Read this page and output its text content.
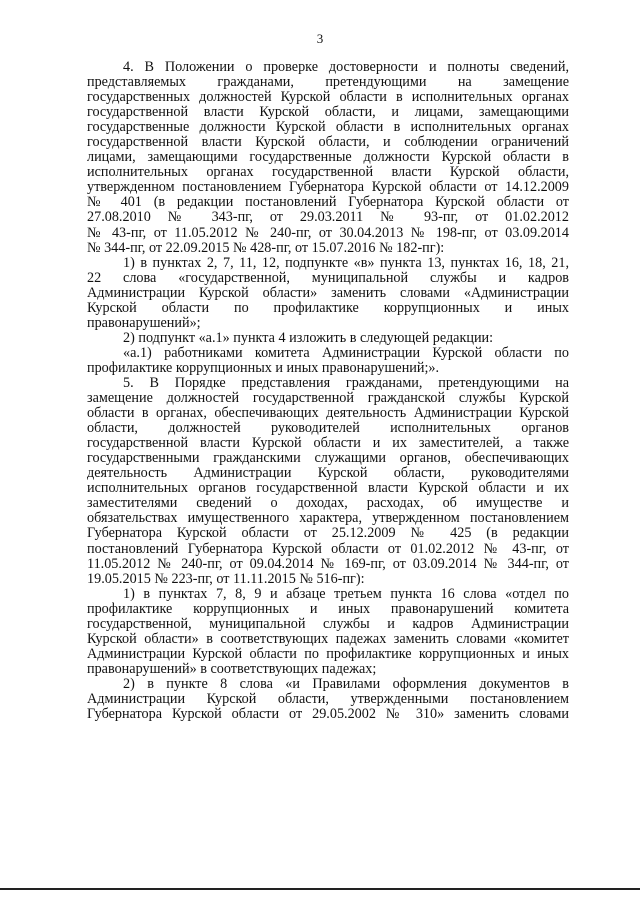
3
4. В Положении о проверке достоверности и полноты сведений,
представляемых гражданами, претендующими на замещение
государственных должностей Курской области в исполнительных органах
государственной власти Курской области, и лицами, замещающими
государственные должности Курской области в исполнительных органах
государственной власти Курской области, и соблюдении ограничений
лицами, замещающими государственные должности Курской области в
исполнительных органах государственной власти Курской области,
утвержденном постановлением Губернатора Курской области от 14.12.2009
№ 401 (в редакции постановлений Губернатора Курской области от
27.08.2010 № 343-пг, от 29.03.2011 № 93-пг, от 01.02.2012
№ 43-пг, от 11.05.2012 № 240-пг, от 30.04.2013 № 198-пг, от 03.09.2014
№ 344-пг, от 22.09.2015 № 428-пг, от 15.07.2016 № 182-пг):
1) в пунктах 2, 7, 11, 12, подпункте «в» пункта 13, пунктах 16, 18, 21,
22 слова «государственной, муниципальной службы и кадров
Администрации Курской области» заменить словами «Администрации
Курской области по профилактике коррупционных и иных
правонарушений»;
2) подпункт «а.1» пункта 4 изложить в следующей редакции:
«а.1) работниками комитета Администрации Курской области по
профилактике коррупционных и иных правонарушений;».
5. В Порядке представления гражданами, претендующими на
замещение должностей государственной гражданской службы Курской
области в органах, обеспечивающих деятельность Администрации Курской
области, должностей руководителей исполнительных органов
государственной власти Курской области и их заместителей, а также
государственными гражданскими служащими органов, обеспечивающих
деятельность Администрации Курской области, руководителями
исполнительных органов государственной власти Курской области и их
заместителями сведений о доходах, расходах, об имуществе и
обязательствах имущественного характера, утвержденном постановлением
Губернатора Курской области от 25.12.2009 № 425 (в редакции
постановлений Губернатора Курской области от 01.02.2012 № 43-пг, от
11.05.2012 № 240-пг, от 09.04.2014 № 169-пг, от 03.09.2014 № 344-пг, от
19.05.2015 № 223-пг, от 11.11.2015 № 516-пг):
1) в пунктах 7, 8, 9 и абзаце третьем пункта 16 слова «отдел по
профилактике коррупционных и иных правонарушений комитета
государственной, муниципальной службы и кадров Администрации
Курской области» в соответствующих падежах заменить словами «комитет
Администрации Курской области по профилактике коррупционных и иных
правонарушений» в соответствующих падежах;
2) в пункте 8 слова «и Правилами оформления документов в
Администрации Курской области, утвержденными постановлением
Губернатора Курской области от 29.05.2002 № 310» заменить словами
